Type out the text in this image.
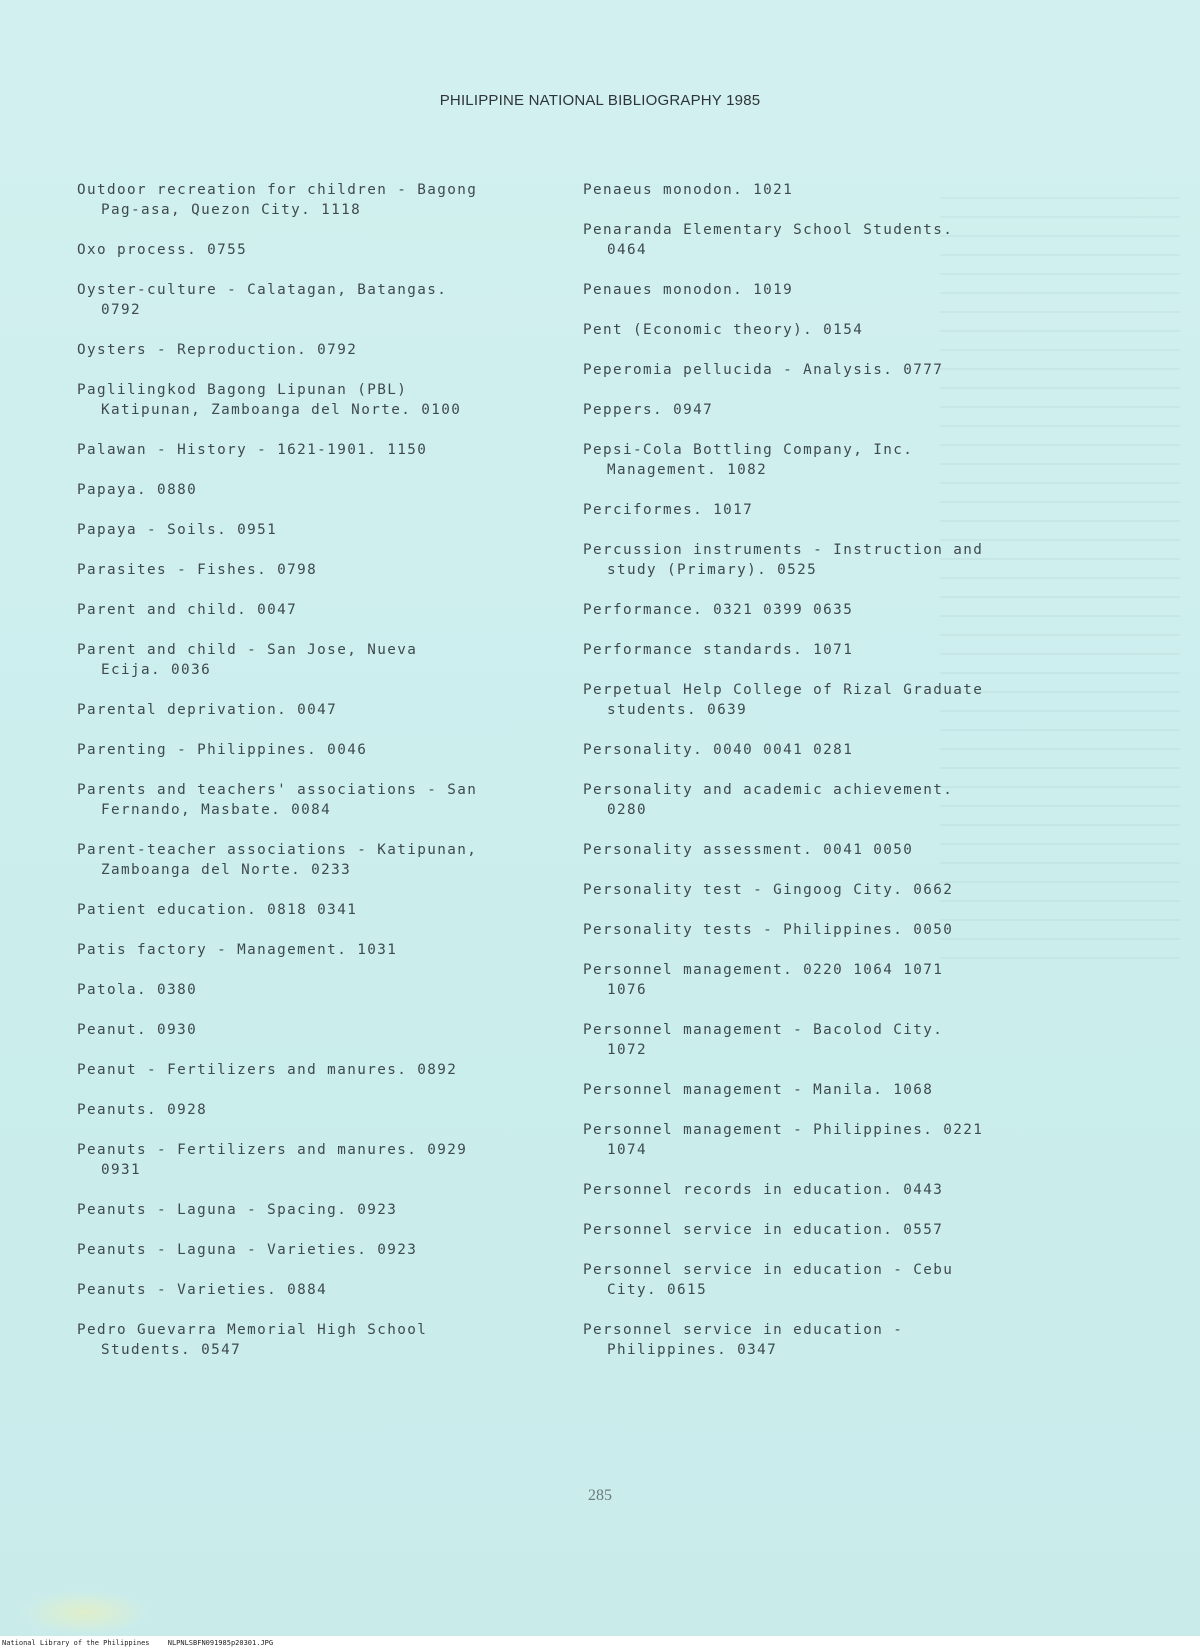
PHILIPPINE NATIONAL BIBLIOGRAPHY 1985
Outdoor recreation for children - Bagong
Pag-asa, Quezon City. 1118
Oxo process. 0755
Oyster-culture - Calatagan, Batangas.
0792
Oysters - Reproduction. 0792
Paglilingkod Bagong Lipunan (PBL)
Katipunan, Zamboanga del Norte. 0100
Palawan - History - 1621-1901. 1150
Papaya. 0880
Papaya - Soils. 0951
Parasites - Fishes. 0798
Parent and child. 0047
Parent and child - San Jose, Nueva
Ecija. 0036
Parental deprivation. 0047
Parenting - Philippines. 0046
Parents and teachers' associations - San
Fernando, Masbate. 0084
Parent-teacher associations - Katipunan,
Zamboanga del Norte. 0233
Patient education. 0818 0341
Patis factory - Management. 1031
Patola. 0380
Peanut. 0930
Peanut - Fertilizers and manures. 0892
Peanuts. 0928
Peanuts - Fertilizers and manures. 0929
0931
Peanuts - Laguna - Spacing. 0923
Peanuts - Laguna - Varieties. 0923
Peanuts - Varieties. 0884
Pedro Guevarra Memorial High School
Students. 0547
Penaeus monodon. 1021
Penaranda Elementary School Students.
0464
Penaues monodon. 1019
Pent (Economic theory). 0154
Peperomia pellucida - Analysis. 0777
Peppers. 0947
Pepsi-Cola Bottling Company, Inc.
Management. 1082
Perciformes. 1017
Percussion instruments - Instruction and
study (Primary). 0525
Performance. 0321 0399 0635
Performance standards. 1071
Perpetual Help College of Rizal Graduate
students. 0639
Personality. 0040 0041 0281
Personality and academic achievement.
0280
Personality assessment. 0041 0050
Personality test - Gingoog City. 0662
Personality tests - Philippines. 0050
Personnel management. 0220 1064 1071
1076
Personnel management - Bacolod City.
1072
Personnel management - Manila. 1068
Personnel management - Philippines. 0221
1074
Personnel records in education. 0443
Personnel service in education. 0557
Personnel service in education - Cebu
City. 0615
Personnel service in education -
Philippines. 0347
285
National Library of the Philippines	NLPNLSBFN091985p20301.JPG
